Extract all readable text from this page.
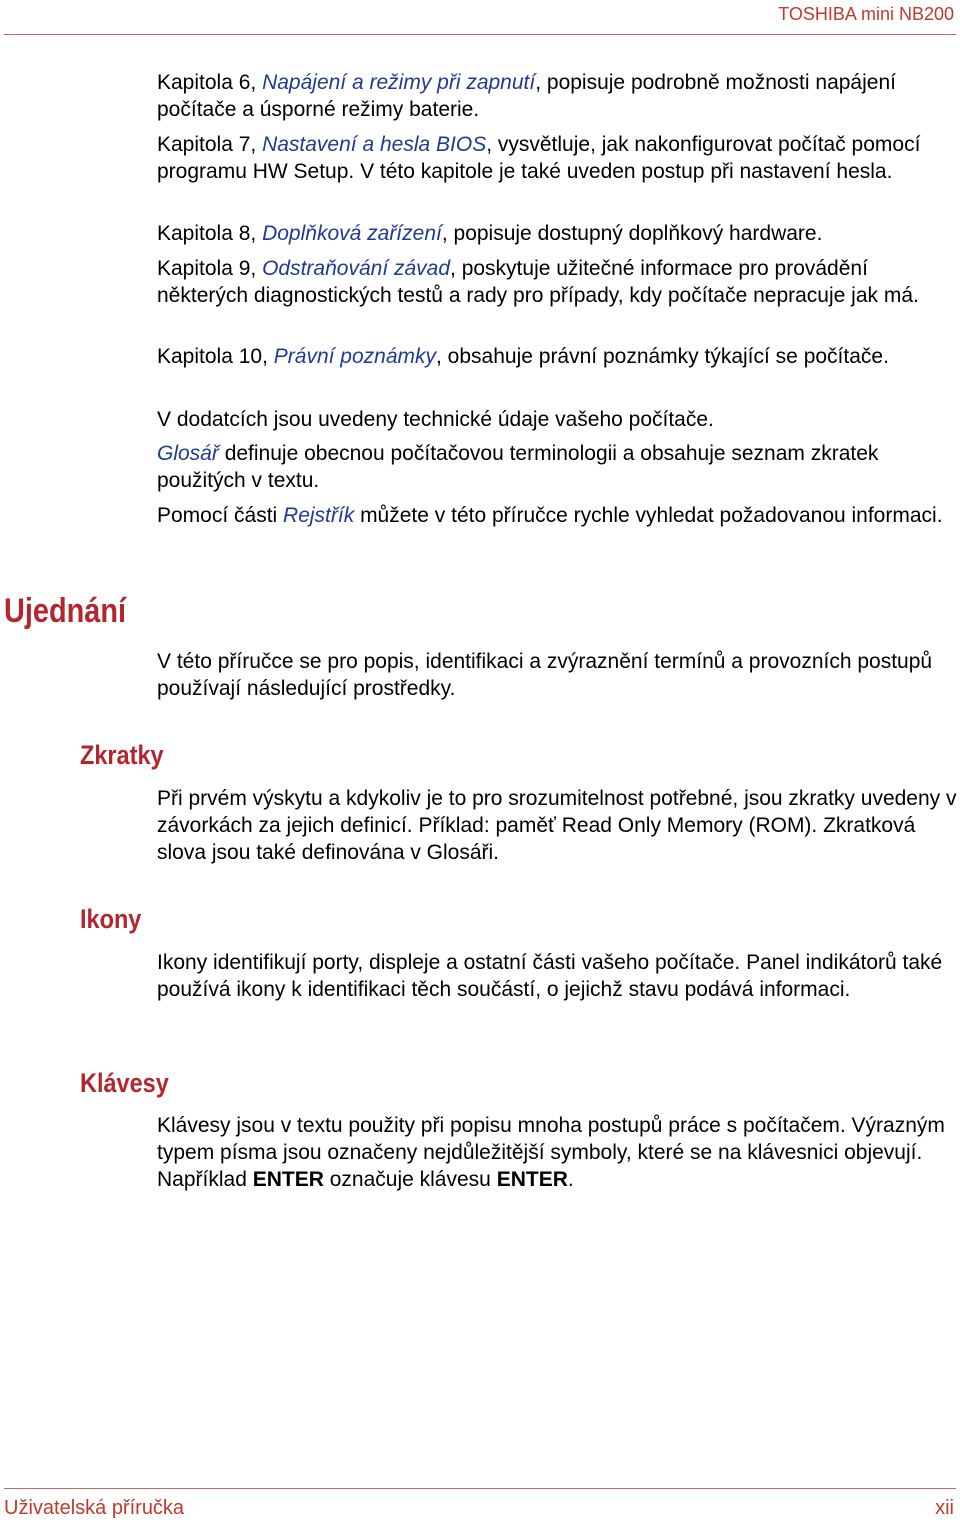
TOSHIBA mini NB200

Kapitola 6, Napájení a režimy při zapnutí, popisuje podrobně možnosti napájení počítače a úsporné režimy baterie.

Kapitola 7, Nastavení a hesla BIOS, vysvětluje, jak nakonfigurovat počítač pomocí programu HW Setup. V této kapitole je také uveden postup při nastavení hesla.

Kapitola 8, Doplňková zařízení, popisuje dostupný doplňkový hardware.

Kapitola 9, Odstraňování závad, poskytuje užitečné informace pro provádění některých diagnostických testů a rady pro případy, kdy počítače nepracuje jak má.

Kapitola 10, Právní poznámky, obsahuje právní poznámky týkající se počítače.

V dodatcích jsou uvedeny technické údaje vašeho počítače.

Glosář definuje obecnou počítačovou terminologii a obsahuje seznam zkratek použitých v textu.

Pomocí části Rejstřík můžete v této příručce rychle vyhledat požadovanou informaci.

Ujednání

V této příručce se pro popis, identifikaci a zvýraznění termínů a provozních postupů používají následující prostředky.

Zkratky

Při prvém výskytu a kdykoliv je to pro srozumitelnost potřebné, jsou zkratky uvedeny v závorkách za jejich definicí. Příklad: paměť Read Only Memory (ROM). Zkratková slova jsou také definována v Glosáři.

Ikony

Ikony identifikují porty, displeje a ostatní části vašeho počítače. Panel indikátorů také používá ikony k identifikaci těch součástí, o jejichž stavu podává informaci.

Klávesy

Klávesy jsou v textu použity při popisu mnoha postupů práce s počítačem. Výrazným typem písma jsou označeny nejdůležitější symboly, které se na klávesnici objevují. Například ENTER označuje klávesu ENTER.

Uživatelská příručka	xii
